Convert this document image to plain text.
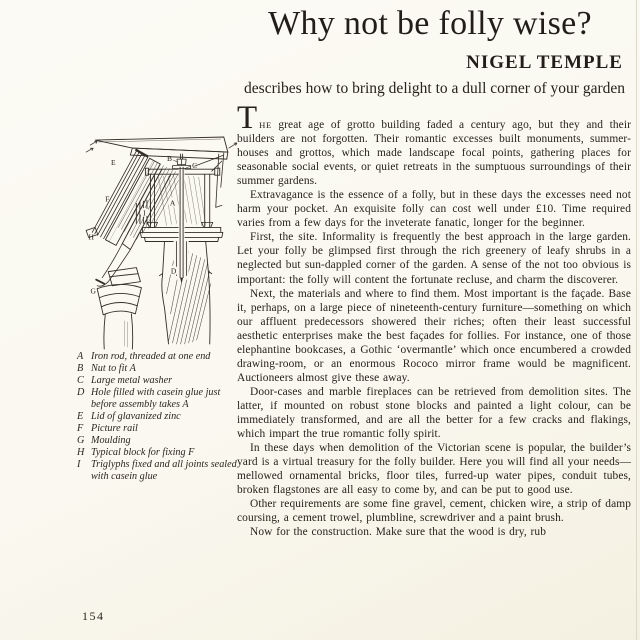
Why not be folly wise?
NIGEL TEMPLE
describes how to bring delight to a dull corner of your garden
E	B
C
F
I
A
H
D
G
A Iron rod, threaded at one end
B Nut to fit A
C Large metal washer
D Hole filled with casein glue just before assembly takes A
E Lid of glavanized zinc
F Picture rail
G Moulding
H Typical block for fixing F
I	Triglyphs fixed and all joints sealed with casein glue

THE great age of grotto building faded a century ago, but they and their builders are not forgotten. Their romantic excesses built monuments, summer-houses and grottos, which made landscape focal points, gathering places for seasonable social events, or quiet retreats in the sumptuous surroundings of their summer gardens.

Extravagance is the essence of a folly, but in these days the excesses need not harm your pocket. An exquisite folly can cost well under £10. Time required varies from a few days for the inveterate fanatic, longer for the beginner.

First, the site. Informality is frequently the best approach in the large garden. Let your folly be glimpsed first through the rich greenery of leafy shrubs in a neglected but sun-dappled corner of the garden. A sense of the not too obvious is important: the folly will content the fortunate recluse, and charm the discoverer.

Next, the materials and where to find them. Most important is the façade. Base it, perhaps, on a large piece of nineteenth-century furniture—something on which our affluent predecessors showered their riches; often their least successful aesthetic enterprises make the best façades for follies. For instance, one of those elephantine bookcases, a Gothic ‘overmantle’ which once encumbered a crowded drawing-room, or an enormous Rococo mirror frame would be magnificent. Auctioneers almost give these away.

Door-cases and marble fireplaces can be retrieved from demolition sites. The latter, if mounted on robust stone blocks and painted a light colour, can be immediately transformed, and are all the better for a few cracks and flakings, which impart the true romantic folly spirit.

In these days when demolition of the Victorian scene is popular, the builder’s yard is a virtual treasury for the folly builder. Here you will find all your needs—mellowed ornamental bricks, floor tiles, furred-up water pipes, conduit tubes, broken flagstones are all easy to come by, and can be put to good use.

Other requirements are some fine gravel, cement, chicken wire, a strip of damp coursing, a cement trowel, plumbline, screwdriver and a paint brush.

Now for the construction. Make sure that the wood is dry, rub

154
